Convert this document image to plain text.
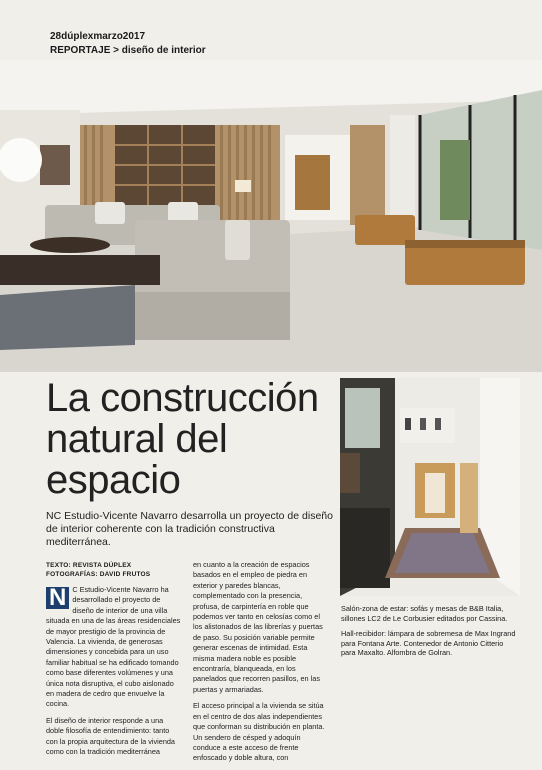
28dúplexmarzo2017
REPORTAJE > diseño de interior
La construcción natural del espacio
NC Estudio-Vicente Navarro desarrolla un proyecto de diseño de interior coherente con la tradición constructiva mediterránea.
TEXTO: REVISTA DÚPLEX
FOTOGRAFÍAS: DAVID FRUTOS

N C Estudio-Vicente Navarro ha desarrollado el proyecto de diseño de interior de una villa situada en una de las áreas residenciales de mayor prestigio de la provincia de Valencia. La vivienda, de generosas dimensiones y concebida para un uso familiar habitual se ha edificado tomando como base diferentes volúmenes y una única nota disruptiva, el cubo aislonado en madera de cedro que envuelve la cocina.

El diseño de interior responde a una doble filosofía de entendimiento: tanto con la propia arquitectura de la vivienda como con la tradición mediterránea

en cuanto a la creación de espacios basados en el empleo de piedra en exterior y paredes blancas, complementado con la presencia, profusa, de carpintería en roble que podemos ver tanto en celosías como el los alistonados de las librerías y puertas de paso. Su posición variable permite generar escenas de intimidad. Esta misma madera noble es posible encontraría, blanqueada, en los panelados que recorren pasillos, en las puertas y armariadas.

El acceso principal a la vivienda se sitúa en el centro de dos alas independientes que conforman su distribución en planta. Un sendero de césped y adoquín conduce a este acceso de frente enfoscado y doble altura, con

Salón-zona de estar: sofás y mesas de B&B Italia, sillones LC2 de Le Corbusier editados por Cassina.

Hall-recibidor: lámpara de sobremesa de Max Ingrand para Fontana Arte. Contenedor de Antonio Citterio para Maxalto. Alfombra de Golran.
